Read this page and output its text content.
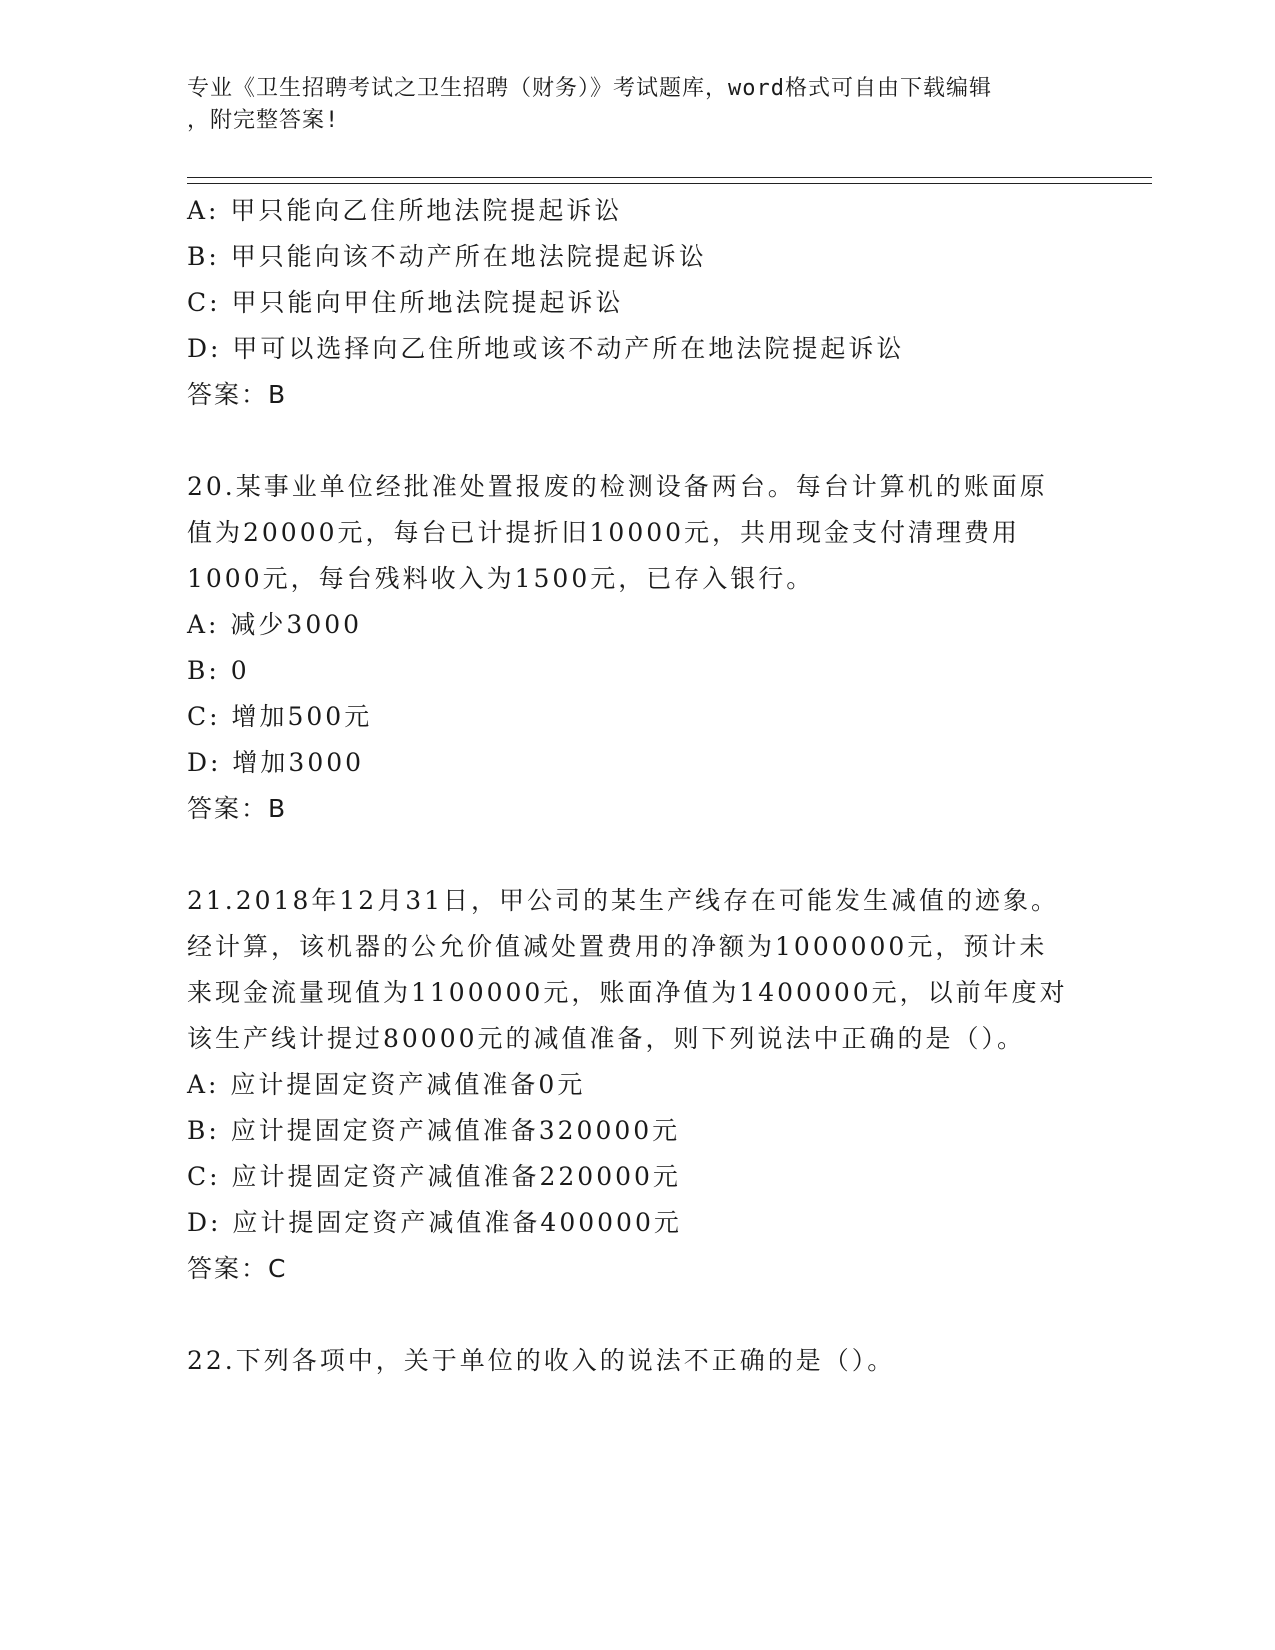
专业《卫生招聘考试之卫生招聘（财务）》考试题库，word格式可自由下载编辑
，附完整答案!
A: 甲只能向乙住所地法院提起诉讼
B: 甲只能向该不动产所在地法院提起诉讼
C: 甲只能向甲住所地法院提起诉讼
D: 甲可以选择向乙住所地或该不动产所在地法院提起诉讼
答案：B
20.某事业单位经批准处置报废的检测设备两台。每台计算机的账面原
值为20000元，每台已计提折旧10000元，共用现金支付清理费用
1000元，每台残料收入为1500元，已存入银行。
A: 减少3000
B: 0
C: 增加500元
D: 增加3000
答案：B
21.2018年12月31日，甲公司的某生产线存在可能发生减值的迹象。
经计算，该机器的公允价值减处置费用的净额为1000000元，预计未
来现金流量现值为1100000元，账面净值为1400000元，以前年度对
该生产线计提过80000元的减值准备，则下列说法中正确的是（）。
A: 应计提固定资产减值准备0元
B: 应计提固定资产减值准备320000元
C: 应计提固定资产减值准备220000元
D: 应计提固定资产减值准备400000元
答案：C
22.下列各项中，关于单位的收入的说法不正确的是（）。
